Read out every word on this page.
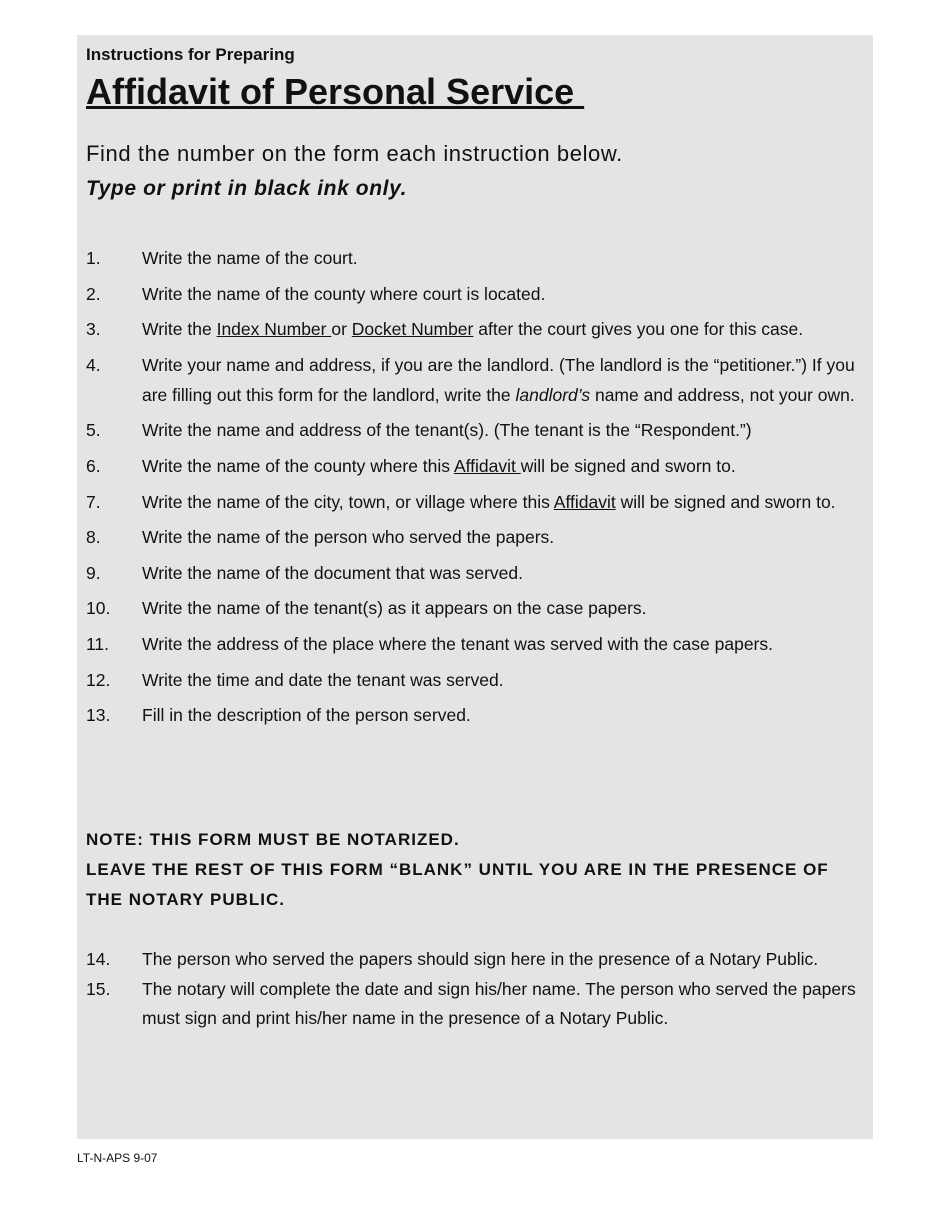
Instructions for Preparing
Affidavit of Personal Service
Find the number on the form each instruction below.
Type or print in black ink only.
1.	Write the name of the court.
2.	Write the name of the county where court is located.
3.	Write the Index Number or Docket Number after the court gives you one for this case.
4.	Write your name and address, if you are the landlord. (The landlord is the “petitioner.”) If you are filling out this form for the landlord, write the landlord’s name and address, not your own.
5.	Write the name and address of the tenant(s). (The tenant is the “Respondent.”)
6.	Write the name of the county where this Affidavit will be signed and sworn to.
7.	Write the name of the city, town, or village where this Affidavit will be signed and sworn to.
8.	Write the name of the person who served the papers.
9.	Write the name of the document that was served.
10.	Write the name of the tenant(s) as it appears on the case papers.
11.	Write the address of the place where the tenant was served with the case papers.
12.	Write the time and date the tenant was served.
13.	Fill in the description of the person served.
NOTE: THIS FORM MUST BE NOTARIZED.
LEAVE THE REST OF THIS FORM “BLANK” UNTIL YOU ARE IN THE PRESENCE OF THE NOTARY PUBLIC.
14.	The person who served the papers should sign here in the presence of a Notary Public.
15.	The notary will complete the date and sign his/her name. The person who served the papers must sign and print his/her name in the presence of a Notary Public.
LT-N-APS 9-07
